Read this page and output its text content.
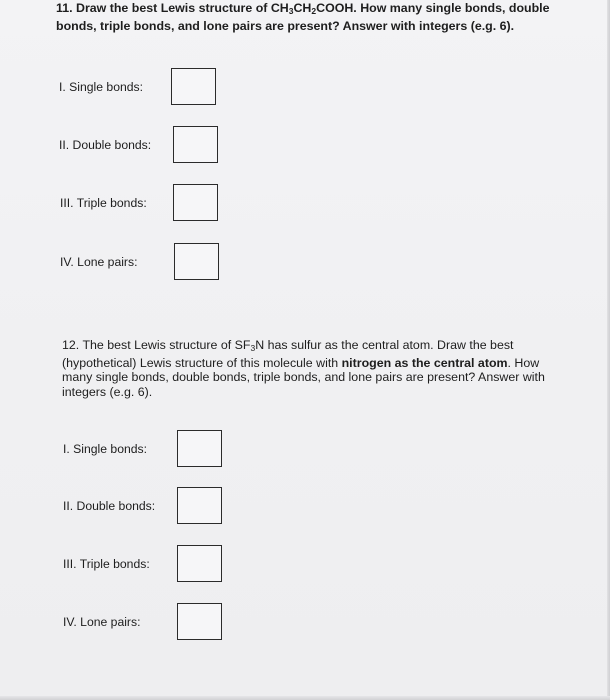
11. Draw the best Lewis structure of $CH_3CH_2COOH$. How many single bonds, double bonds, triple bonds, and lone pairs are present? Answer with integers (e.g. 6).

I. Single bonds:
II. Double bonds:
III. Triple bonds:
IV. Lone pairs:

12. The best Lewis structure of $SF_3N$ has sulfur as the central atom. Draw the best (hypothetical) Lewis structure of this molecule with nitrogen as the central atom. How many single bonds, double bonds, triple bonds, and lone pairs are present? Answer with integers (e.g. 6).

I. Single bonds:
II. Double bonds:
III. Triple bonds:
IV. Lone pairs:
